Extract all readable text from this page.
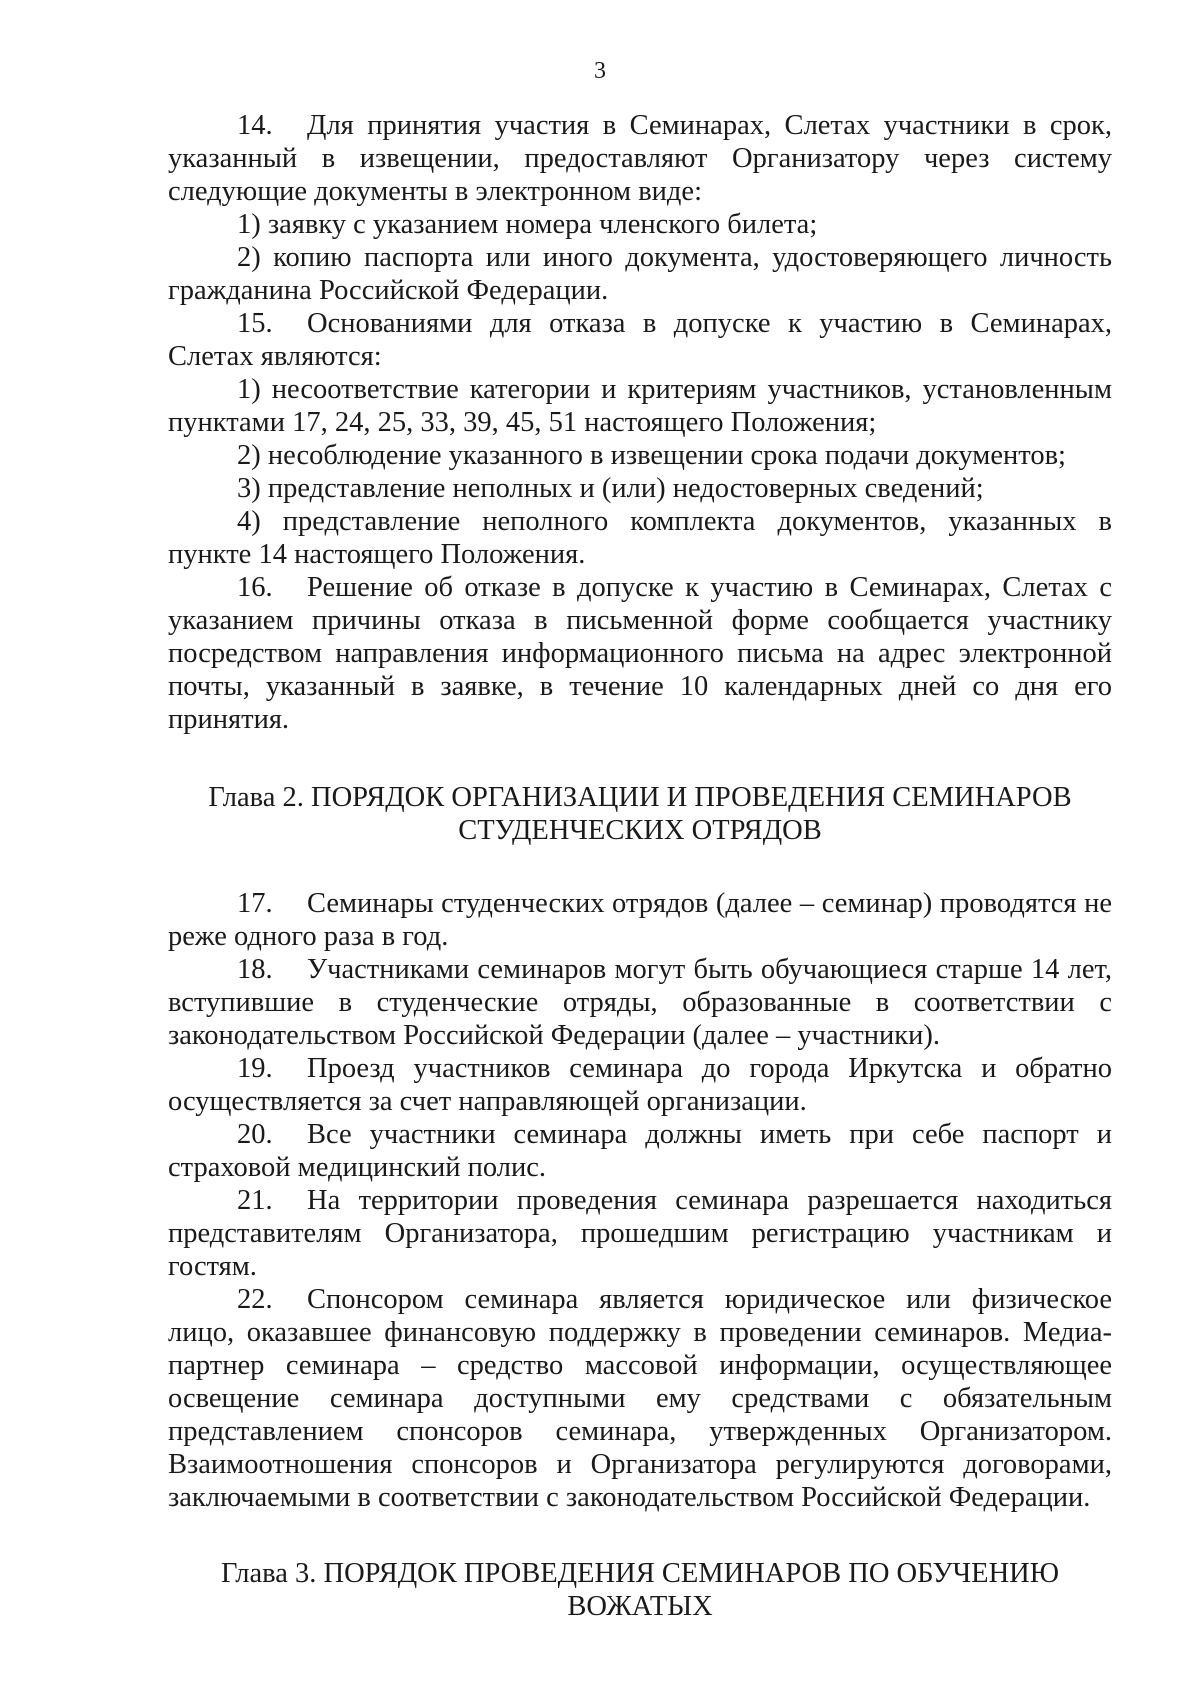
3

14. Для принятия участия в Семинарах, Слетах участники в срок, указанный в извещении, предоставляют Организатору через систему следующие документы в электронном виде:

1) заявку с указанием номера членского билета;

2) копию паспорта или иного документа, удостоверяющего личность гражданина Российской Федерации.

15. Основаниями для отказа в допуске к участию в Семинарах, Слетах являются:

1) несоответствие категории и критериям участников, установленным пунктами 17, 24, 25, 33, 39, 45, 51 настоящего Положения;

2) несоблюдение указанного в извещении срока подачи документов;

3) представление неполных и (или) недостоверных сведений;

4) представление неполного комплекта документов, указанных в пункте 14 настоящего Положения.

16. Решение об отказе в допуске к участию в Семинарах, Слетах с указанием причины отказа в письменной форме сообщается участнику посредством направления информационного письма на адрес электронной почты, указанный в заявке, в течение 10 календарных дней со дня его принятия.

Глава 2. ПОРЯДОК ОРГАНИЗАЦИИ И ПРОВЕДЕНИЯ СЕМИНАРОВ
СТУДЕНЧЕСКИХ ОТРЯДОВ

17. Семинары студенческих отрядов (далее – семинар) проводятся не реже одного раза в год.

18. Участниками семинаров могут быть обучающиеся старше 14 лет, вступившие в студенческие отряды, образованные в соответствии с законодательством Российской Федерации (далее – участники).

19. Проезд участников семинара до города Иркутска и обратно осуществляется за счет направляющей организации.

20. Все участники семинара должны иметь при себе паспорт и страховой медицинский полис.

21. На территории проведения семинара разрешается находиться представителям Организатора, прошедшим регистрацию участникам и гостям.

22. Спонсором семинара является юридическое или физическое лицо, оказавшее финансовую поддержку в проведении семинаров. Медиа-партнер семинара – средство массовой информации, осуществляющее освещение семинара доступными ему средствами с обязательным представлением спонсоров семинара, утвержденных Организатором. Взаимоотношения спонсоров и Организатора регулируются договорами, заключаемыми в соответствии с законодательством Российской Федерации.

Глава 3. ПОРЯДОК ПРОВЕДЕНИЯ СЕМИНАРОВ ПО ОБУЧЕНИЮ
ВОЖАТЫХ
